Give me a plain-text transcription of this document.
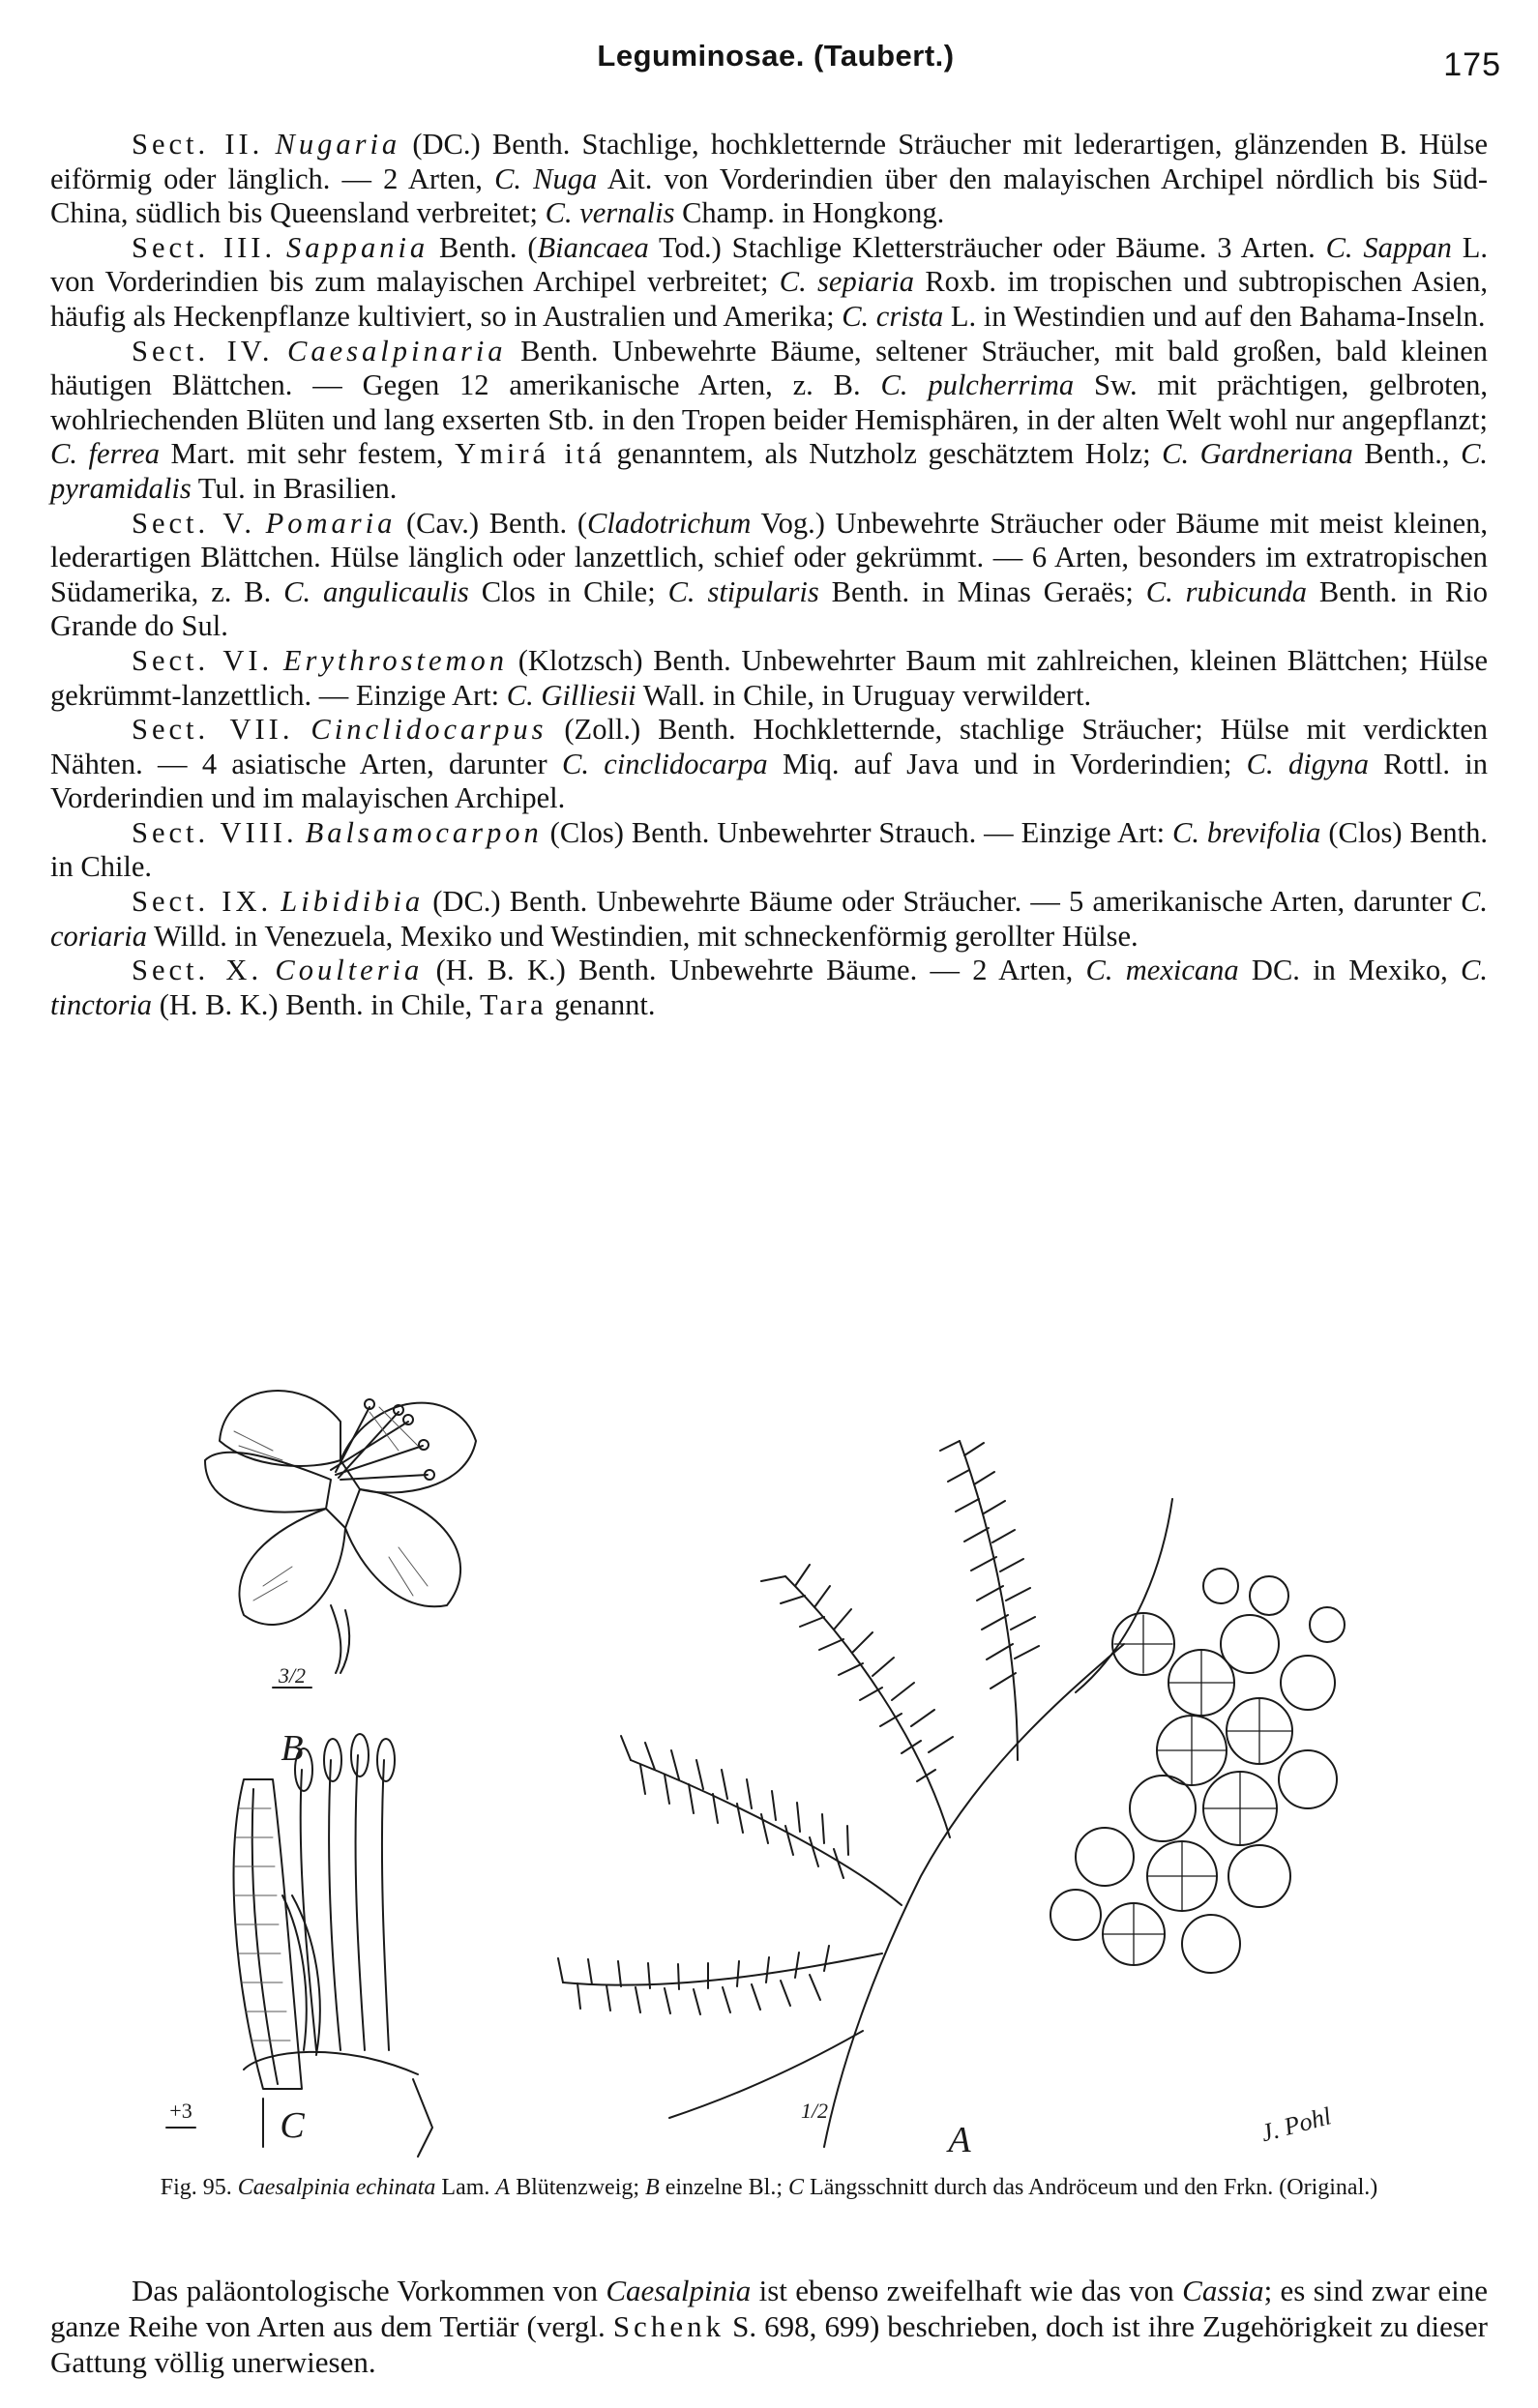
Leguminosae. (Taubert.)	175

Sect. II. Nugaria (DC.) Benth. Stachlige, hochkletternde Sträucher mit lederartigen, glänzenden B. Hülse eiförmig oder länglich. — 2 Arten, C. Nuga Ait. von Vorderindien über den malayischen Archipel nördlich bis Süd-China, südlich bis Queensland verbreitet; C. vernalis Champ. in Hongkong.

Sect. III. Sappania Benth. (Biancaea Tod.) Stachlige Klettersträucher oder Bäume. 3 Arten. C. Sappan L. von Vorderindien bis zum malayischen Archipel verbreitet; C. sepiaria Roxb. im tropischen und subtropischen Asien, häufig als Heckenpflanze kultiviert, so in Australien und Amerika; C. crista L. in Westindien und auf den Bahama-Inseln.

Sect. IV. Caesalpinaria Benth. Unbewehrte Bäume, seltener Sträucher, mit bald großen, bald kleinen häutigen Blättchen. — Gegen 12 amerikanische Arten, z. B. C. pulcherrima Sw. mit prächtigen, gelbroten, wohlriechenden Blüten und lang exserten Stb. in den Tropen beider Hemisphären, in der alten Welt wohl nur angepflanzt; C. ferrea Mart. mit sehr festem, Ymirá itá genanntem, als Nutzholz geschätztem Holz; C. Gardneriana Benth., C. pyramidalis Tul. in Brasilien.

Sect. V. Pomaria (Cav.) Benth. (Cladotrichum Vog.) Unbewehrte Sträucher oder Bäume mit meist kleinen, lederartigen Blättchen. Hülse länglich oder lanzettlich, schief oder gekrümmt. — 6 Arten, besonders im extratropischen Südamerika, z. B. C. angulicaulis Clos in Chile; C. stipularis Benth. in Minas Geraës; C. rubicunda Benth. in Rio Grande do Sul.

Sect. VI. Erythrostemon (Klotzsch) Benth. Unbewehrter Baum mit zahlreichen, kleinen Blättchen; Hülse gekrümmt-lanzettlich. — Einzige Art: C. Gilliesii Wall. in Chile, in Uruguay verwildert.

Sect. VII. Cinclidocarpus (Zoll.) Benth. Hochkletternde, stachlige Sträucher; Hülse mit verdickten Nähten. — 4 asiatische Arten, darunter C. cinclidocarpa Miq. auf Java und in Vorderindien; C. digyna Rottl. in Vorderindien und im malayischen Archipel.

Sect. VIII. Balsamocarpon (Clos) Benth. Unbewehrter Strauch. — Einzige Art: C. brevifolia (Clos) Benth. in Chile.

Sect. IX. Libidibia (DC.) Benth. Unbewehrte Bäume oder Sträucher. — 5 amerikanische Arten, darunter C. coriaria Willd. in Venezuela, Mexiko und Westindien, mit schneckenförmig gerollter Hülse.

Sect. X. Coulteria (H. B. K.) Benth. Unbewehrte Bäume. — 2 Arten, C. mexicana DC. in Mexiko, C. tinctoria (H. B. K.) Benth. in Chile, Tara genannt.

B
3/2
C
+3
A
1/2	J. Pohl
Fig. 95. Caesalpinia echinata Lam. A Blütenzweig; B einzelne Bl.; C Längsschnitt durch das Andröceum und den Frkn. (Original.)

Das paläontologische Vorkommen von Caesalpinia ist ebenso zweifelhaft wie das von Cassia; es sind zwar eine ganze Reihe von Arten aus dem Tertiär (vergl. Schenk S. 698, 699) beschrieben, doch ist ihre Zugehörigkeit zu dieser Gattung völlig unerwiesen.
